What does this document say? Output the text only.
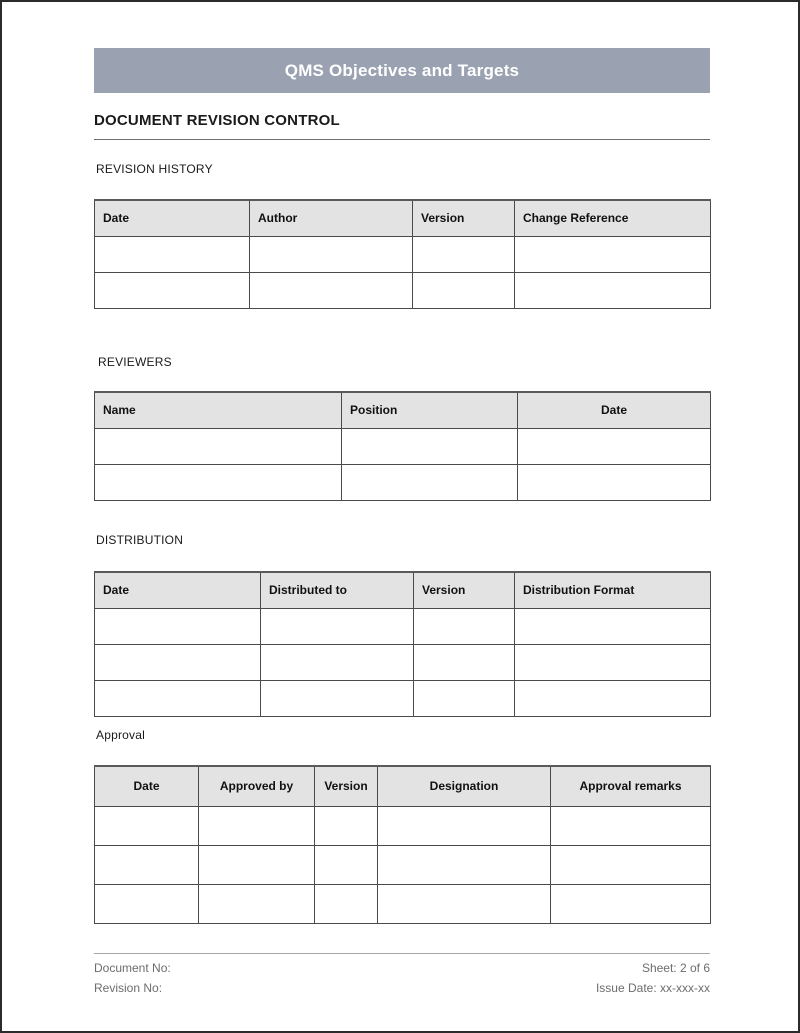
QMS Objectives and Targets
DOCUMENT REVISION CONTROL
REVISION HISTORY
Date	Author	Version	Change Reference

REVIEWERS
Name	Position	Date

DISTRIBUTION
Date	Distributed to	Version	Distribution Format

Approval
Date	Approved by	Version	Designation	Approval remarks

Document No:	Sheet: 2 of 6
Revision No:	Issue Date: xx-xxx-xx
